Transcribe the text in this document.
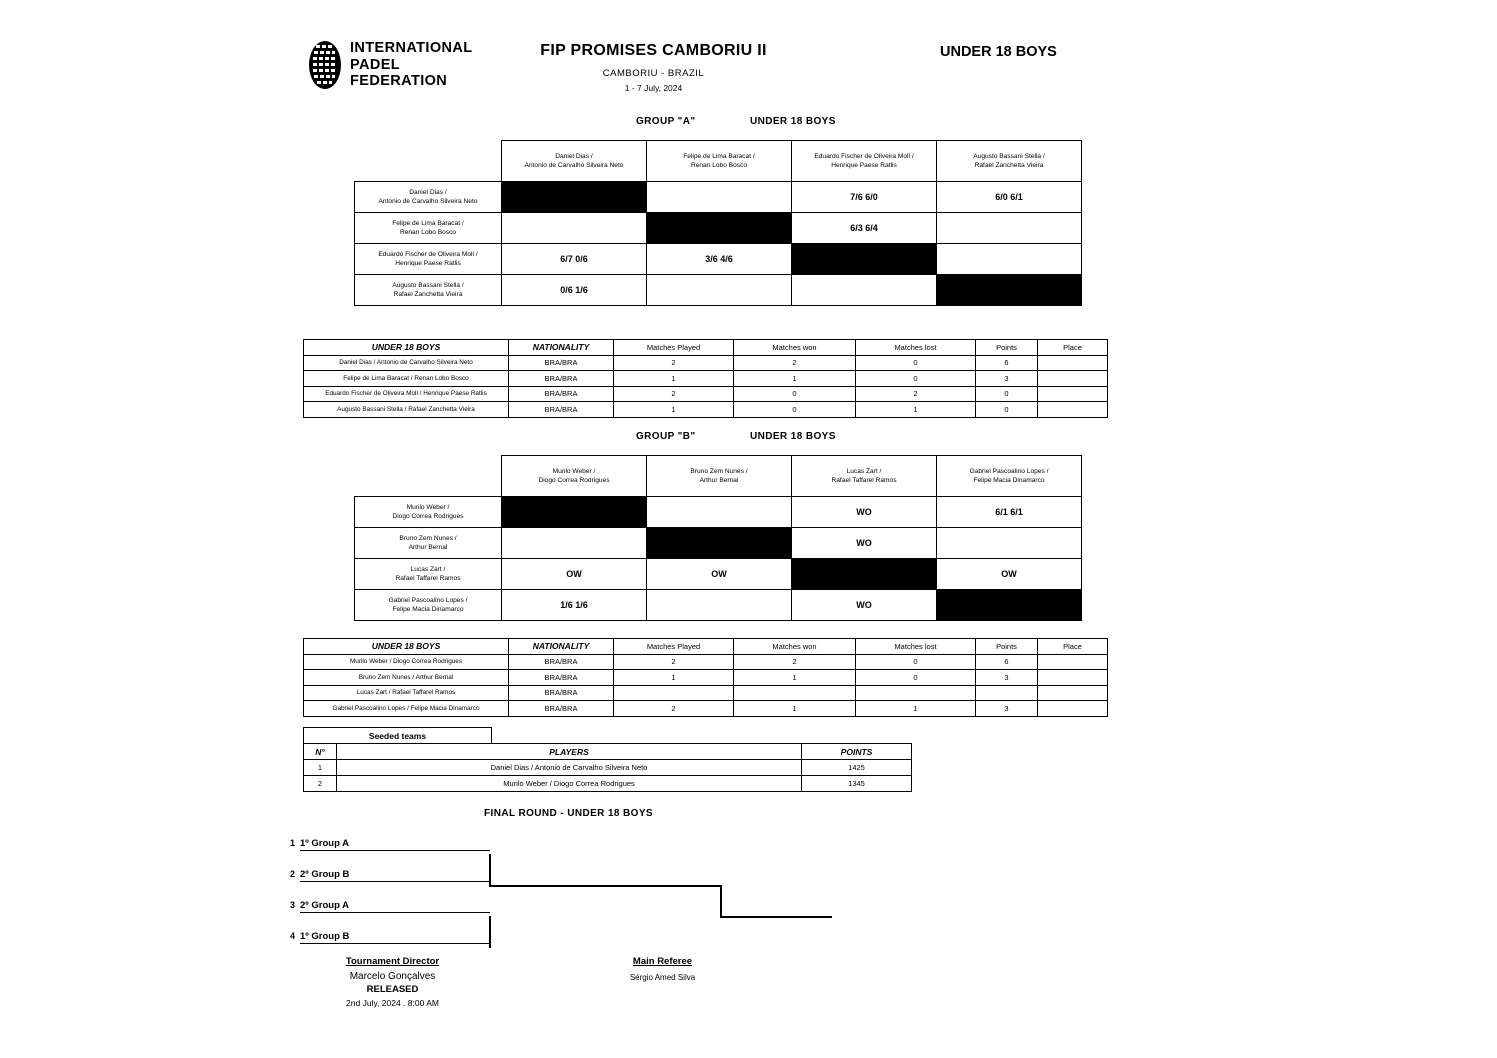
INTERNATIONAL
PADEL
FEDERATION
FIP PROMISES CAMBORIU II	UNDER 18 BOYS
CAMBORIU - BRAZIL
1 - 7 July, 2024
GROUP "A"	UNDER 18 BOYS

	Daniel Dias /
Antonio de Carvalho Silveira Neto	Felipe de Lima Baracat /
Renan Lobo Bosco	Eduardo Fischer de Oliveira Moll /
Henrique Paese Ratlis	Augusto Bassani Stella /
Rafael Zanchetta Vieira

Daniel Dias /
Antonio de Carvalho Silveira Neto			7/6 6/0	6/0 6/1

Felipe de Lima Baracat /
Renan Lobo Bosco			6/3 6/4	

Eduardo Fischer de Oliveira Moll /
Henrique Paese Ratlis	6/7 0/6	3/6 4/6		

Augusto Bassani Stella /
Rafael Zanchetta Vieira	0/6 1/6			
UNDER 18 BOYS	NATIONALITY	Matches Played	Matches won	Matches lost	Points	Place
Daniel Dias / Antonio de Carvalho Silveira Neto	BRA/BRA	2	2	0	6	
Felipe de Lima Baracat / Renan Lobo Bosco	BRA/BRA	1	1	0	3	
Eduardo Fischer de Oliveira Moll / Henrique Paese Ratlis	BRA/BRA	2	0	2	0	
Augusto Bassani Stella / Rafael Zanchetta Vieira	BRA/BRA	1	0	1	0	
GROUP "B"	UNDER 18 BOYS

	Murilo Weber /
Diogo Correa Rodrigues	Bruno Zem Nunes /
Arthur Bernal	Lucas Zart /
Rafael Taffarel Ramos	Gabriel Pascoalino Lopes /
Felipe Macia Dinamarco

Murilo Weber /
Diogo Correa Rodrigues			WO	6/1 6/1

Bruno Zem Nunes /
Arthur Bernal			WO	

Lucas Zart /
Rafael Taffarel Ramos	OW	OW		OW

Gabriel Pascoalino Lopes /
Felipe Macia Dinamarco	1/6 1/6		WO	
UNDER 18 BOYS	NATIONALITY	Matches Played	Matches won	Matches lost	Points	Place
Murilo Weber / Diogo Correa Rodrigues	BRA/BRA	2	2	0	6	
Bruno Zem Nunes / Arthur Bernal	BRA/BRA	1	1	0	3	
Lucas Zart / Rafael Taffarel Ramos	BRA/BRA					
Gabriel Pascoalino Lopes / Felipe Macia Dinamarco	BRA/BRA	2	1	1	3	
Seeded teams			
N°	PLAYERS		POINTS
1	Daniel Dias / Antonio de Carvalho Silveira Neto		1425
2	Murilo Weber / Diogo Correa Rodrigues		1345
FINAL ROUND - UNDER 18 BOYS
1 1º Group A
2 2º Group B
3 2º Group A
4 1º Group B
Tournament Director
Marcelo Gonçalves
RELEASED
2nd July, 2024 . 8:00 AM
Main Referee
Sérgio Amed Silva
